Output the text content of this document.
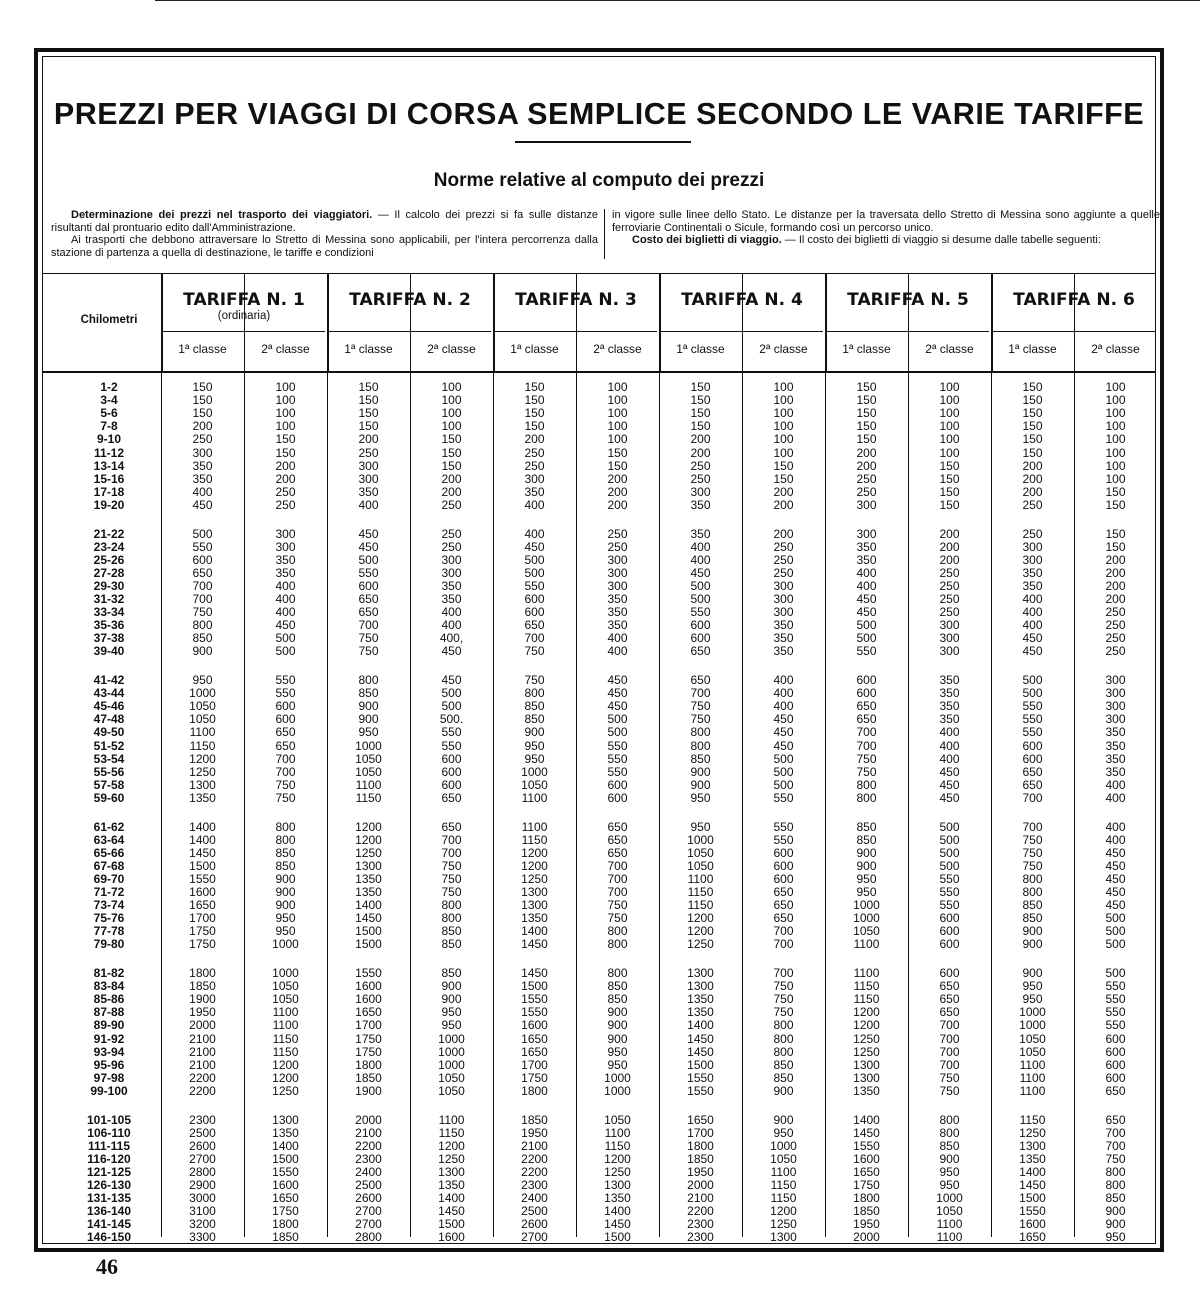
PREZZI PER VIAGGI DI CORSA SEMPLICE SECONDO LE VARIE TARIFFE
Norme relative al computo dei prezzi

Determinazione dei prezzi nel trasporto dei viaggiatori. — Il calcolo dei prezzi si fa sulle distanze risultanti dal prontuario edito dall'Amministrazione.

Ai trasporti che debbono attraversare lo Stretto di Messina sono applicabili, per l'intera percorrenza dalla stazione di partenza a quella di destinazione, le tariffe e condizioni

in vigore sulle linee dello Stato. Le distanze per la traversata dello Stretto di Messina sono aggiunte a quelle ferroviarie Continentali o Sicule, formando così un percorso unico.

Costo dei biglietti di viaggio. — Il costo dei biglietti di viaggio si desume dalle tabelle seguenti:

Chilometri
TARIFFA N. 1
(ordinaria)
1ª classe	2ª classe
TARIFFA N. 2
1ª classe	2ª classe
TARIFFA N. 3
1ª classe	2ª classe
TARIFFA N. 4
1ª classe	2ª classe
TARIFFA N. 5
1ª classe	2ª classe
TARIFFA N. 6
1ª classe	2ª classe
1-2	150	100	150	100	150	100	150	100	150	100	150	100
3-4	150	100	150	100	150	100	150	100	150	100	150	100
5-6	150	100	150	100	150	100	150	100	150	100	150	100
7-8	200	100	150	100	150	100	150	100	150	100	150	100
9-10	250	150	200	150	200	100	200	100	150	100	150	100
11-12	300	150	250	150	250	150	200	100	200	100	150	100
13-14	350	200	300	150	250	150	250	150	200	150	200	100
15-16	350	200	300	200	300	200	250	150	250	150	200	100
17-18	400	250	350	200	350	200	300	200	250	150	200	150
19-20	450	250	400	250	400	200	350	200	300	150	250	150
21-22	500	300	450	250	400	250	350	200	300	200	250	150
23-24	550	300	450	250	450	250	400	250	350	200	300	150
25-26	600	350	500	300	500	300	400	250	350	200	300	200
27-28	650	350	550	300	500	300	450	250	400	250	350	200
29-30	700	400	600	350	550	300	500	300	400	250	350	200
31-32	700	400	650	350	600	350	500	300	450	250	400	200
33-34	750	400	650	400	600	350	550	300	450	250	400	250
35-36	800	450	700	400	650	350	600	350	500	300	400	250
37-38	850	500	750	400,	700	400	600	350	500	300	450	250
39-40	900	500	750	450	750	400	650	350	550	300	450	250
41-42	950	550	800	450	750	450	650	400	600	350	500	300
43-44	1000	550	850	500	800	450	700	400	600	350	500	300
45-46	1050	600	900	500	850	450	750	400	650	350	550	300
47-48	1050	600	900	500.	850	500	750	450	650	350	550	300
49-50	1100	650	950	550	900	500	800	450	700	400	550	350
51-52	1150	650	1000	550	950	550	800	450	700	400	600	350
53-54	1200	700	1050	600	950	550	850	500	750	400	600	350
55-56	1250	700	1050	600	1000	550	900	500	750	450	650	350
57-58	1300	750	1100	600	1050	600	900	500	800	450	650	400
59-60	1350	750	1150	650	1100	600	950	550	800	450	700	400
61-62	1400	800	1200	650	1100	650	950	550	850	500	700	400
63-64	1400	800	1200	700	1150	650	1000	550	850	500	750	400
65-66	1450	850	1250	700	1200	650	1050	600	900	500	750	450
67-68	1500	850	1300	750	1200	700	1050	600	900	500	750	450
69-70	1550	900	1350	750	1250	700	1100	600	950	550	800	450
71-72	1600	900	1350	750	1300	700	1150	650	950	550	800	450
73-74	1650	900	1400	800	1300	750	1150	650	1000	550	850	450
75-76	1700	950	1450	800	1350	750	1200	650	1000	600	850	500
77-78	1750	950	1500	850	1400	800	1200	700	1050	600	900	500
79-80	1750	1000	1500	850	1450	800	1250	700	1100	600	900	500
81-82	1800	1000	1550	850	1450	800	1300	700	1100	600	900	500
83-84	1850	1050	1600	900	1500	850	1300	750	1150	650	950	550
85-86	1900	1050	1600	900	1550	850	1350	750	1150	650	950	550
87-88	1950	1100	1650	950	1550	900	1350	750	1200	650	1000	550
89-90	2000	1100	1700	950	1600	900	1400	800	1200	700	1000	550
91-92	2100	1150	1750	1000	1650	900	1450	800	1250	700	1050	600
93-94	2100	1150	1750	1000	1650	950	1450	800	1250	700	1050	600
95-96	2100	1200	1800	1000	1700	950	1500	850	1300	700	1100	600
97-98	2200	1200	1850	1050	1750	1000	1550	850	1300	750	1100	600
99-100	2200	1250	1900	1050	1800	1000	1550	900	1350	750	1100	650
101-105	2300	1300	2000	1100	1850	1050	1650	900	1400	800	1150	650
106-110	2500	1350	2100	1150	1950	1100	1700	950	1450	800	1250	700
111-115	2600	1400	2200	1200	2100	1150	1800	1000	1550	850	1300	700
116-120	2700	1500	2300	1250	2200	1200	1850	1050	1600	900	1350	750
121-125	2800	1550	2400	1300	2200	1250	1950	1100	1650	950	1400	800
126-130	2900	1600	2500	1350	2300	1300	2000	1150	1750	950	1450	800
131-135	3000	1650	2600	1400	2400	1350	2100	1150	1800	1000	1500	850
136-140	3100	1750	2700	1450	2500	1400	2200	1200	1850	1050	1550	900
141-145	3200	1800	2700	1500	2600	1450	2300	1250	1950	1100	1600	900
146-150	3300	1850	2800	1600	2700	1500	2300	1300	2000	1100	1650	950
46
